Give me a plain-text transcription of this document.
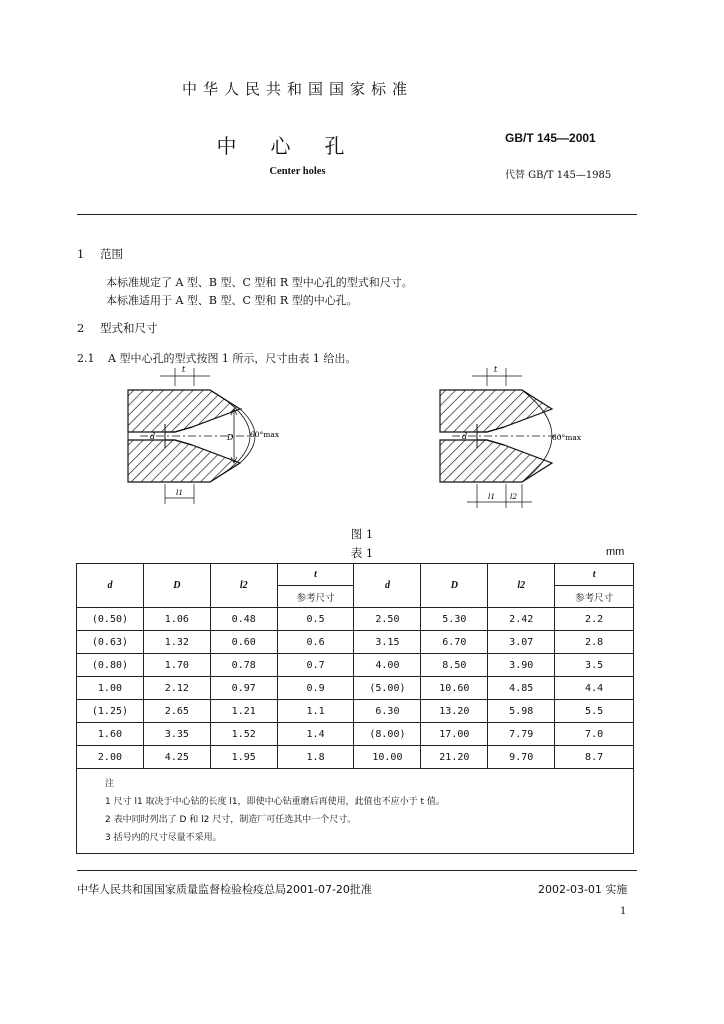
中华人民共和国国家标准
中心孔	GB/T 145—2001
Center holes	代替 GB/T 145—1985
1 范围
本标准规定了 A 型、B 型、C 型和 R 型中心孔的型式和尺寸。
本标准适用于 A 型、B 型、C 型和 R 型的中心孔。
2 型式和尺寸
2.1 A 型中心孔的型式按图 1 所示，尺寸由表 1 给出。
D
d	60°max
t
l1
d	60°max
t
l1 l2
图 1
表 1	mm
d	D	l2	t	d	D	l2	t
			参考尺寸				参考尺寸
(0.50)	1.06	0.48	0.5	2.50	5.30	2.42	2.2
(0.63)	1.32	0.60	0.6	3.15	6.70	3.07	2.8
(0.80)	1.70	0.78	0.7	4.00	8.50	3.90	3.5
1.00	2.12	0.97	0.9	(5.00)	10.60	4.85	4.4
(1.25)	2.65	1.21	1.1	6.30	13.20	5.98	5.5
1.60	3.35	1.52	1.4	(8.00)	17.00	7.79	7.0
2.00	4.25	1.95	1.8	10.00	21.20	9.70	8.7

注
1 尺寸 l1 取决于中心钻的长度 l1，即使中心钻重磨后再使用，此值也不应小于 t 值。
2 表中同时列出了 D 和 l2 尺寸，制造厂可任选其中一个尺寸。
3 括号内的尺寸尽量不采用。							
中华人民共和国国家质量监督检验检疫总局2001-07-20批准	2002-03-01 实施
1
